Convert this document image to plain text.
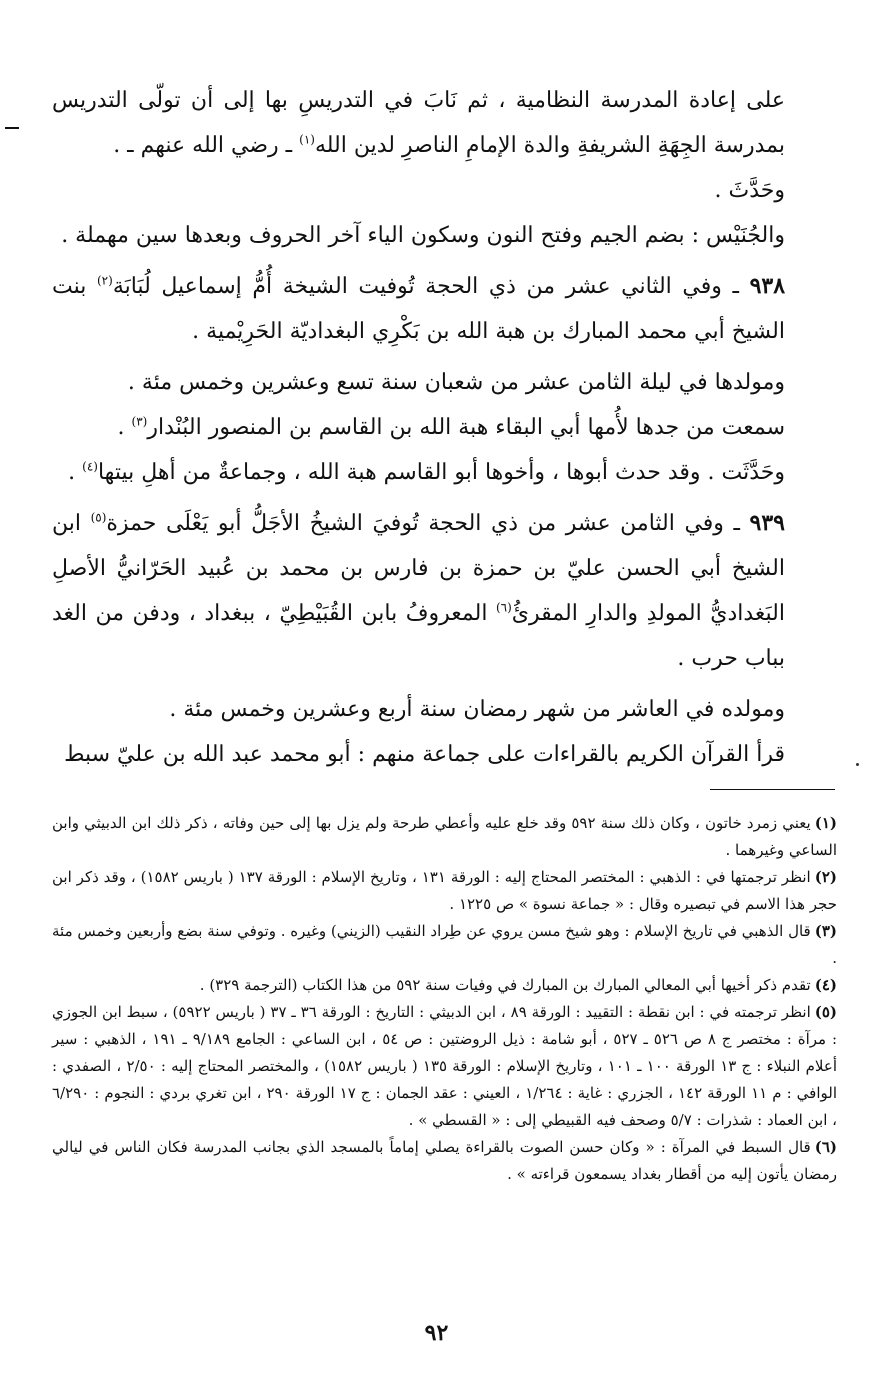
على إعادة المدرسة النظامية ، ثم نَابَ في التدريسِ بها إلى أن تولّى التدريس بمدرسة الجِهَةِ الشريفةِ والدة الإمامِ الناصرِ لدين الله$^{(١)}$ ـ رضي الله عنهم ـ .

وحَدَّثَ .

والجُنَيْس : بضم الجيم وفتح النون وسكون الياء آخر الحروف وبعدها سين مهملة .

٩٣٨ ـ وفي الثاني عشر من ذي الحجة تُوفيت الشيخة أُمُّ إسماعيل لُبَابَة$^{(٢)}$ بنت الشيخ أبي محمد المبارك بن هبة الله بن بَكْرِي البغداديّة الحَرِيْمية .

ومولدها في ليلة الثامن عشر من شعبان سنة تسع وعشرين وخمس مئة .

سمعت من جدها لأُمها أبي البقاء هبة الله بن القاسم بن المنصور البُنْدار$^{(٣)}$ .

وحَدَّثَت . وقد حدث أبوها ، وأخوها أبو القاسم هبة الله ، وجماعةٌ من أهلِ بيتها$^{(٤)}$ .

٩٣٩ ـ وفي الثامن عشر من ذي الحجة تُوفيَ الشيخُ الأجَلُّ أبو يَعْلَى حمزة$^{(٥)}$ ابن الشيخ أبي الحسن عليّ بن حمزة بن فارس بن محمد بن عُبيد الحَرّانيُّ الأصلِ البَغداديُّ المولدِ والدارِ المقرئُ$^{(٦)}$ المعروفُ بابن القُبَيْطِيّ ، ببغداد ، ودفن من الغد بباب حرب .

ومولده في العاشر من شهر رمضان سنة أربع وعشرين وخمس مئة .

قرأ القرآن الكريم بالقراءات على جماعة منهم : أبو محمد عبد الله بن عليّ سبط

(١)يعني زمرد خاتون ، وكان ذلك سنة ٥٩٢ وقد خلع عليه وأعطي طرحة ولم يزل بها إلى حين وفاته ، ذكر ذلك ابن الدبيثي وابن الساعي وغيرهما .

(٢)انظر ترجمتها في : الذهبي : المختصر المحتاج إليه : الورقة ١٣١ ، وتاريخ الإسلام : الورقة ١٣٧ ( باريس ١٥٨٢) ، وقد ذكر ابن حجر هذا الاسم في تبصيره وقال : « جماعة نسوة » ص ١٢٢٥ .

(٣)قال الذهبي في تاريخ الإسلام : وهو شيخ مسن يروي عن طِراد النقيب (الزيني) وغيره . وتوفي سنة بضع وأربعين وخمس مئة .

(٤)تقدم ذكر أخيها أبي المعالي المبارك بن المبارك في وفيات سنة ٥٩٢ من هذا الكتاب (الترجمة ٣٢٩) .

(٥)انظر ترجمته في : ابن نقطة : التقييد : الورقة ٨٩ ، ابن الدبيثي : التاريخ : الورقة ٣٦ ـ ٣٧ ( باريس ٥٩٢٢) ، سبط ابن الجوزي : مرآة : مختصر ج ٨ ص ٥٢٦ ـ ٥٢٧ ، أبو شامة : ذيل الروضتين : ص ٥٤ ، ابن الساعي : الجامع ٩/١٨٩ ـ ١٩١ ، الذهبي : سير أعلام النبلاء : ج ١٣ الورقة ١٠٠ ـ ١٠١ ، وتاريخ الإسلام : الورقة ١٣٥ ( باريس ١٥٨٢) ، والمختصر المحتاج إليه : ٢/٥٠ ، الصفدي : الوافي : م ١١ الورقة ١٤٢ ، الجزري : غاية : ١/٢٦٤ ، العيني : عقد الجمان : ج ١٧ الورقة ٢٩٠ ، ابن تغري بردي : النجوم : ٦/٢٩٠ ، ابن العماد : شذرات : ٥/٧ وصحف فيه القبيطي إلى : « القسطي » .

(٦)قال السبط في المرآة : « وكان حسن الصوت بالقراءة يصلي إماماً بالمسجد الذي بجانب المدرسة فكان الناس في ليالي رمضان يأتون إليه من أقطار بغداد يسمعون قراءته » .

٩٢
